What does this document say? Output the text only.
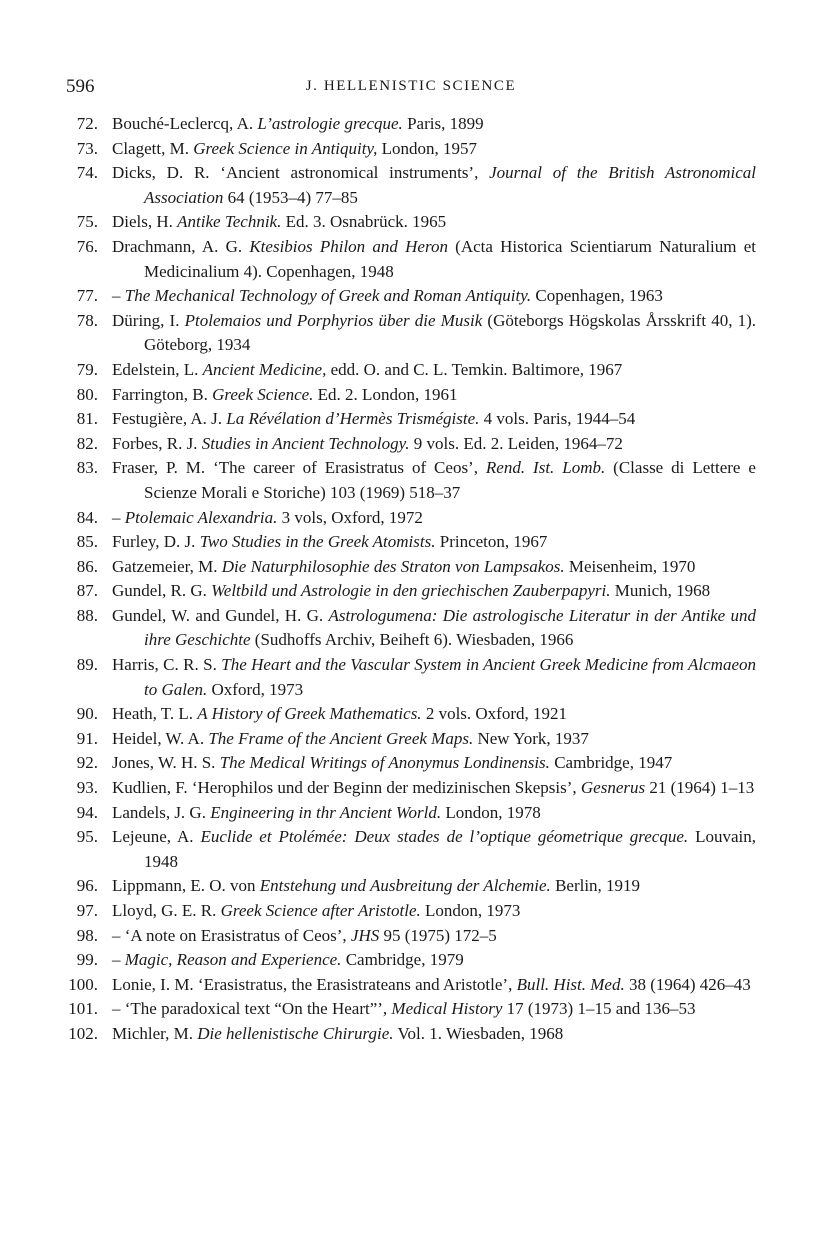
596	J. HELLENISTIC SCIENCE
72. Bouché-Leclercq, A. L’astrologie grecque. Paris, 1899
73. Clagett, M. Greek Science in Antiquity, London, 1957
74. Dicks, D. R. ‘Ancient astronomical instruments’, Journal of the British Astronomical Association 64 (1953–4) 77–85
75. Diels, H. Antike Technik. Ed. 3. Osnabrück. 1965
76. Drachmann, A. G. Ktesibios Philon and Heron (Acta Historica Scientiarum Naturalium et Medicinalium 4). Copenhagen, 1948
77. – The Mechanical Technology of Greek and Roman Antiquity. Copenhagen, 1963
78. Düring, I. Ptolemaios und Porphyrios über die Musik (Göteborgs Högskolas Årsskrift 40, 1). Göteborg, 1934
79. Edelstein, L. Ancient Medicine, edd. O. and C. L. Temkin. Baltimore, 1967
80. Farrington, B. Greek Science. Ed. 2. London, 1961
81. Festugière, A. J. La Révélation d’Hermès Trismégiste. 4 vols. Paris, 1944–54
82. Forbes, R. J. Studies in Ancient Technology. 9 vols. Ed. 2. Leiden, 1964–72
83. Fraser, P. M. ‘The career of Erasistratus of Ceos’, Rend. Ist. Lomb. (Classe di Lettere e Scienze Morali e Storiche) 103 (1969) 518–37
84. – Ptolemaic Alexandria. 3 vols, Oxford, 1972
85. Furley, D. J. Two Studies in the Greek Atomists. Princeton, 1967
86. Gatzemeier, M. Die Naturphilosophie des Straton von Lampsakos. Meisenheim, 1970
87. Gundel, R. G. Weltbild und Astrologie in den griechischen Zauberpapyri. Munich, 1968
88. Gundel, W. and Gundel, H. G. Astrologumena: Die astrologische Literatur in der Antike und ihre Geschichte (Sudhoffs Archiv, Beiheft 6). Wiesbaden, 1966
89. Harris, C. R. S. The Heart and the Vascular System in Ancient Greek Medicine from Alcmaeon to Galen. Oxford, 1973
90. Heath, T. L. A History of Greek Mathematics. 2 vols. Oxford, 1921
91. Heidel, W. A. The Frame of the Ancient Greek Maps. New York, 1937
92. Jones, W. H. S. The Medical Writings of Anonymus Londinensis. Cambridge, 1947
93. Kudlien, F. ‘Herophilos und der Beginn der medizinischen Skepsis’, Gesnerus 21 (1964) 1–13
94. Landels, J. G. Engineering in thr Ancient World. London, 1978
95. Lejeune, A. Euclide et Ptolémée: Deux stades de l’optique géometrique grecque. Louvain, 1948
96. Lippmann, E. O. von Entstehung und Ausbreitung der Alchemie. Berlin, 1919
97. Lloyd, G. E. R. Greek Science after Aristotle. London, 1973
98. – ‘A note on Erasistratus of Ceos’, JHS 95 (1975) 172–5
99. – Magic, Reason and Experience. Cambridge, 1979
100. Lonie, I. M. ‘Erasistratus, the Erasistrateans and Aristotle’, Bull. Hist. Med. 38 (1964) 426–43
101. – ‘The paradoxical text “On the Heart”’, Medical History 17 (1973) 1–15 and 136–53
102. Michler, M. Die hellenistische Chirurgie. Vol. 1. Wiesbaden, 1968
